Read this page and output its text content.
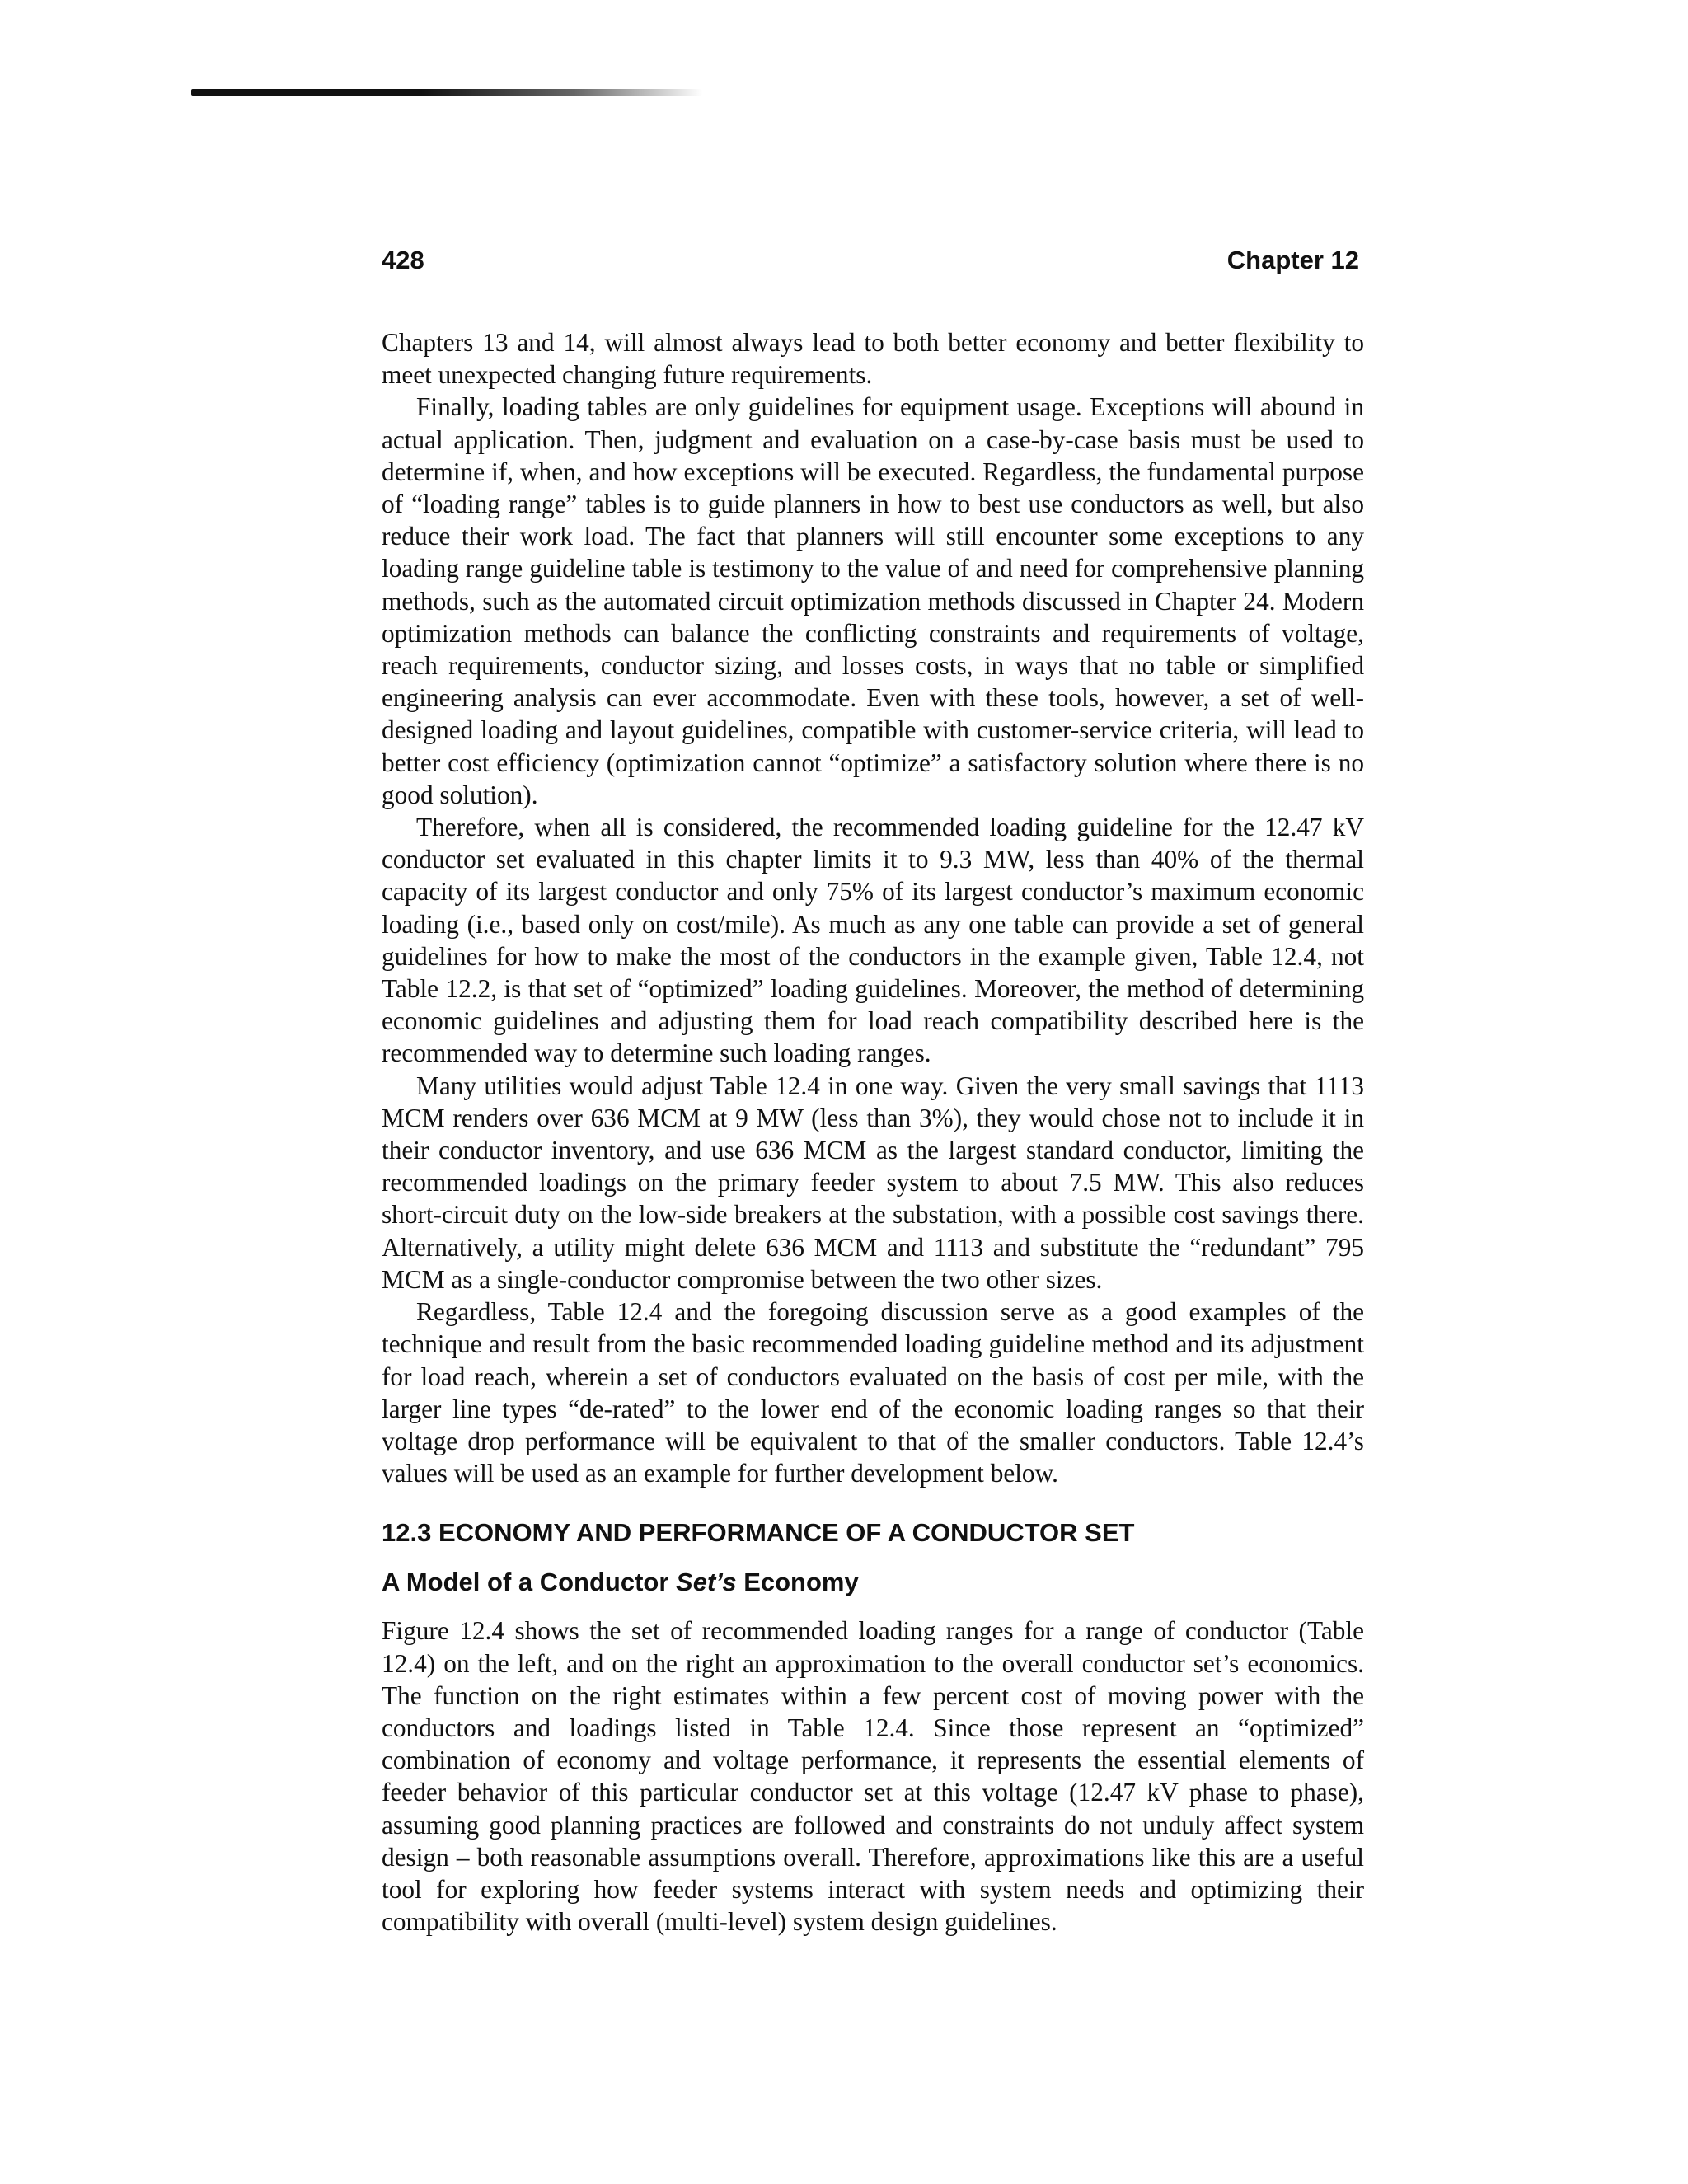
428	Chapter 12

Chapters 13 and 14, will almost always lead to both better economy and better flexibility to meet unexpected changing future requirements.

Finally, loading tables are only guidelines for equipment usage. Exceptions will abound in actual application. Then, judgment and evaluation on a case-by-case basis must be used to determine if, when, and how exceptions will be executed. Regardless, the fundamental purpose of “loading range” tables is to guide planners in how to best use conductors as well, but also reduce their work load. The fact that planners will still encounter some exceptions to any loading range guideline table is testimony to the value of and need for comprehensive planning methods, such as the automated circuit optimization methods discussed in Chapter 24. Modern optimization methods can balance the conflicting constraints and requirements of voltage, reach requirements, conductor sizing, and losses costs, in ways that no table or simplified engineering analysis can ever accommodate. Even with these tools, however, a set of well-designed loading and layout guidelines, compatible with customer-service criteria, will lead to better cost efficiency (optimization cannot “optimize” a satisfactory solution where there is no good solution).

Therefore, when all is considered, the recommended loading guideline for the 12.47 kV conductor set evaluated in this chapter limits it to 9.3 MW, less than 40% of the thermal capacity of its largest conductor and only 75% of its largest conductor’s maximum economic loading (i.e., based only on cost/mile). As much as any one table can provide a set of general guidelines for how to make the most of the conductors in the example given, Table 12.4, not Table 12.2, is that set of “optimized” loading guidelines. Moreover, the method of determining economic guidelines and adjusting them for load reach compatibility described here is the recommended way to determine such loading ranges.

Many utilities would adjust Table 12.4 in one way. Given the very small savings that 1113 MCM renders over 636 MCM at 9 MW (less than 3%), they would chose not to include it in their conductor inventory, and use 636 MCM as the largest standard conductor, limiting the recommended loadings on the primary feeder system to about 7.5 MW. This also reduces short-circuit duty on the low-side breakers at the substation, with a possible cost savings there. Alternatively, a utility might delete 636 MCM and 1113 and substitute the “redundant” 795 MCM as a single-conductor compromise between the two other sizes.

Regardless, Table 12.4 and the foregoing discussion serve as a good examples of the technique and result from the basic recommended loading guideline method and its adjustment for load reach, wherein a set of conductors evaluated on the basis of cost per mile, with the larger line types “de-rated” to the lower end of the economic loading ranges so that their voltage drop performance will be equivalent to that of the smaller conductors. Table 12.4’s values will be used as an example for further development below.

12.3 ECONOMY AND PERFORMANCE OF A CONDUCTOR SET
A Model of a Conductor Set’s Economy

Figure 12.4 shows the set of recommended loading ranges for a range of conductor (Table 12.4) on the left, and on the right an approximation to the overall conductor set’s economics. The function on the right estimates within a few percent cost of moving power with the conductors and loadings listed in Table 12.4. Since those represent an “optimized” combination of economy and voltage performance, it represents the essential elements of feeder behavior of this particular conductor set at this voltage (12.47 kV phase to phase), assuming good planning practices are followed and constraints do not unduly affect system design – both reasonable assumptions overall. Therefore, approximations like this are a useful tool for exploring how feeder systems interact with system needs and optimizing their compatibility with overall (multi-level) system design guidelines.
